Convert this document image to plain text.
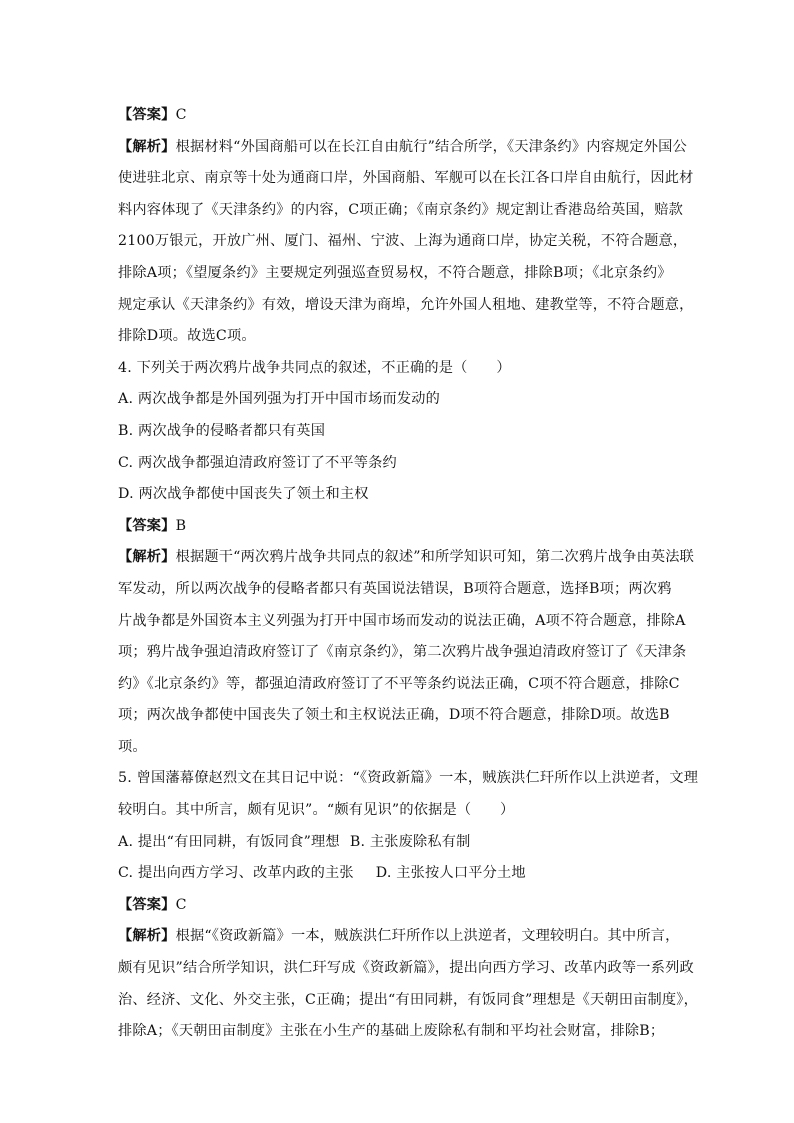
【答案】C
【解析】根据材料“外国商船可以在长江自由航行”结合所学，《天津条约》内容规定外国公
使进驻北京、南京等十处为通商口岸，外国商船、军舰可以在长江各口岸自由航行，因此材
料内容体现了《天津条约》的内容，C项正确；《南京条约》规定割让香港岛给英国，赔款
2100万银元，开放广州、厦门、福州、宁波、上海为通商口岸，协定关税，不符合题意，
排除A项；《望厦条约》主要规定列强巡查贸易权，不符合题意，排除B项；《北京条约》
规定承认《天津条约》有效，增设天津为商埠，允许外国人租地、建教堂等，不符合题意，
排除D项。故选C项。
4. 下列关于两次鸦片战争共同点的叙述，不正确的是（　　）
A. 两次战争都是外国列强为打开中国市场而发动的
B. 两次战争的侵略者都只有英国
C. 两次战争都强迫清政府签订了不平等条约
D. 两次战争都使中国丧失了领土和主权
【答案】B
【解析】根据题干“两次鸦片战争共同点的叙述”和所学知识可知，第二次鸦片战争由英法联
军发动，所以两次战争的侵略者都只有英国说法错误，B项符合题意，选择B项；两次鸦
片战争都是外国资本主义列强为打开中国市场而发动的说法正确，A项不符合题意，排除A
项；鸦片战争强迫清政府签订了《南京条约》，第二次鸦片战争强迫清政府签订了《天津条
约》《北京条约》等，都强迫清政府签订了不平等条约说法正确，C项不符合题意，排除C
项；两次战争都使中国丧失了领土和主权说法正确，D项不符合题意，排除D项。故选B
项。
5. 曾国藩幕僚赵烈文在其日记中说：“《资政新篇》一本，贼族洪仁玕所作以上洪逆者，文理
较明白。其中所言，颇有见识”。“颇有见识”的依据是（　　）
A. 提出“有田同耕，有饭同食”理想 B. 主张废除私有制
C. 提出向西方学习、改革内政的主张 D. 主张按人口平分土地
【答案】C
【解析】根据“《资政新篇》一本，贼族洪仁玕所作以上洪逆者，文理较明白。其中所言，
颇有见识”结合所学知识，洪仁玕写成《资政新篇》，提出向西方学习、改革内政等一系列政
治、经济、文化、外交主张，C正确；提出“有田同耕，有饭同食”理想是《天朝田亩制度》，
排除A；《天朝田亩制度》主张在小生产的基础上废除私有制和平均社会财富，排除B；
